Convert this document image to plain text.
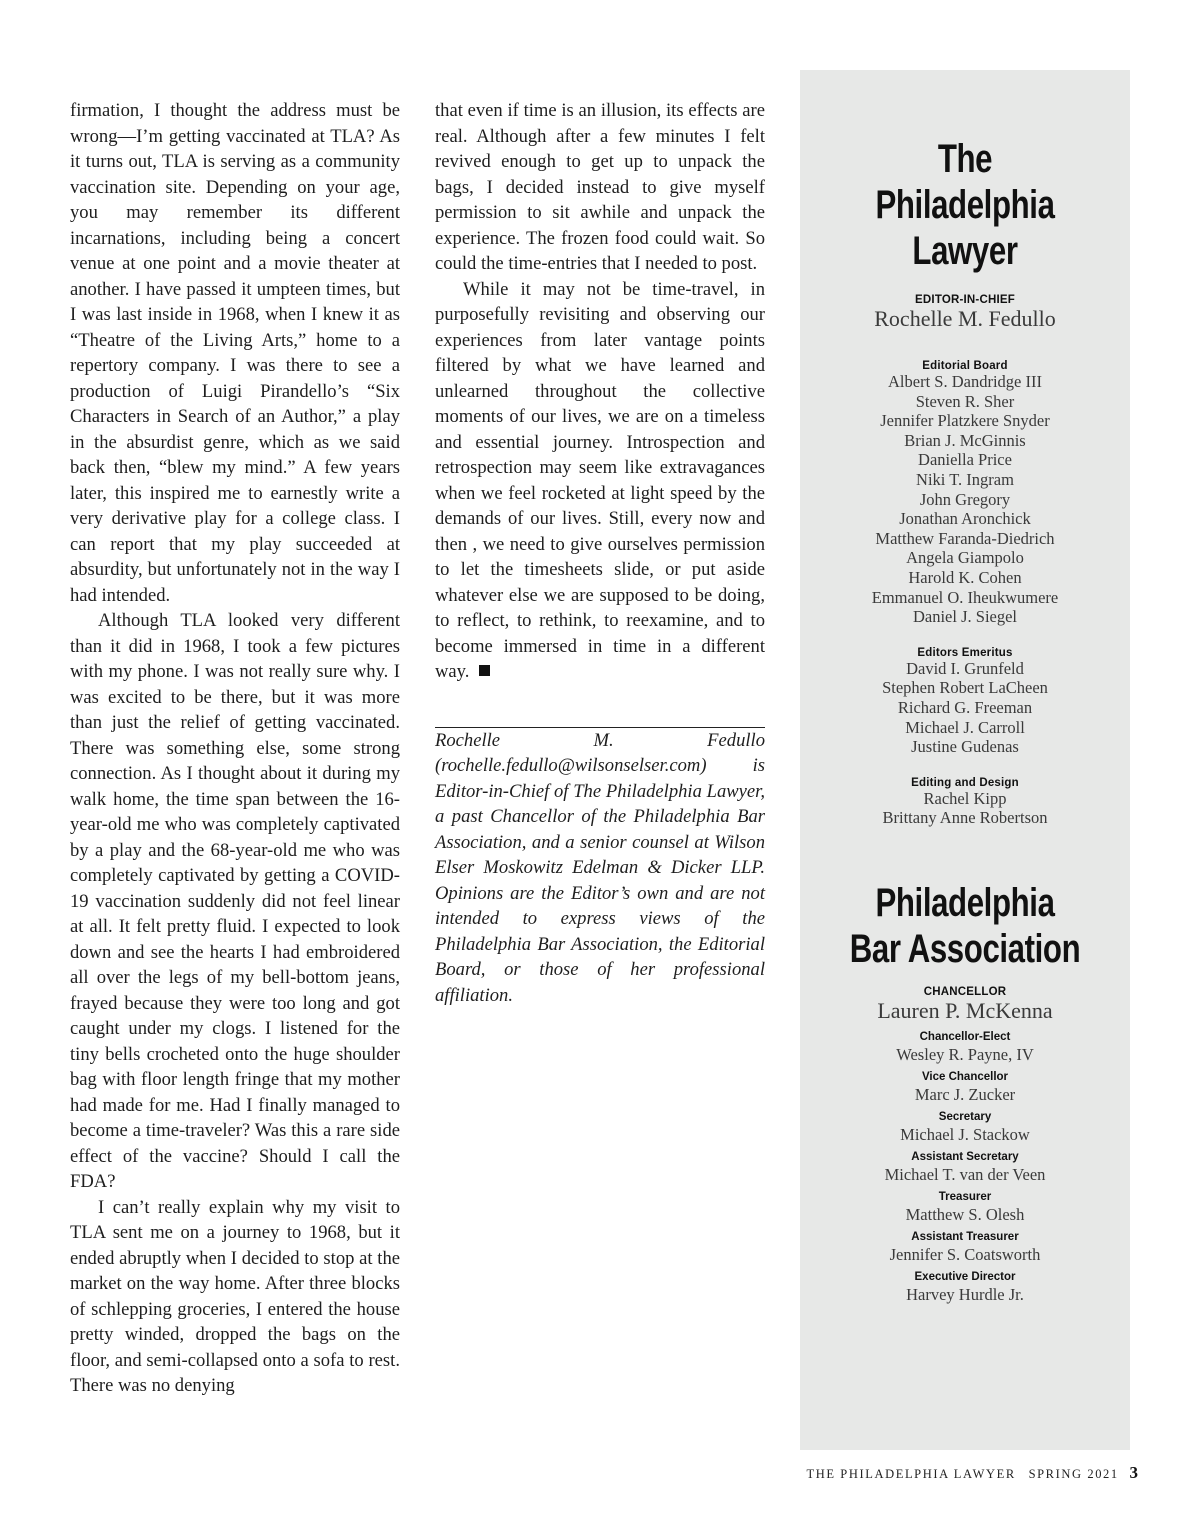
firmation, I thought the address must be wrong—I’m getting vaccinated at TLA? As it turns out, TLA is serving as a community vaccination site. Depending on your age, you may remember its different incarnations, including being a concert venue at one point and a movie theater at another. I have passed it umpteen times, but I was last inside in 1968, when I knew it as “Theatre of the Living Arts,” home to a repertory company. I was there to see a production of Luigi Pirandello’s “Six Characters in Search of an Author,” a play in the absurdist genre, which as we said back then, “blew my mind.” A few years later, this inspired me to earnestly write a very derivative play for a college class. I can report that my play succeeded at absurdity, but unfortunately not in the way I had intended.

Although TLA looked very different than it did in 1968, I took a few pictures with my phone. I was not really sure why. I was excited to be there, but it was more than just the relief of getting vaccinated. There was something else, some strong connection. As I thought about it during my walk home, the time span between the 16-year-old me who was completely captivated by a play and the 68-year-old me who was completely captivated by getting a COVID-19 vaccination suddenly did not feel linear at all. It felt pretty fluid. I expected to look down and see the hearts I had embroidered all over the legs of my bell-bottom jeans, frayed because they were too long and got caught under my clogs. I listened for the tiny bells crocheted onto the huge shoulder bag with floor length fringe that my mother had made for me. Had I finally managed to become a time-traveler? Was this a rare side effect of the vaccine? Should I call the FDA?

I can’t really explain why my visit to TLA sent me on a journey to 1968, but it ended abruptly when I decided to stop at the market on the way home. After three blocks of schlepping groceries, I entered the house pretty winded, dropped the bags on the floor, and semi-collapsed onto a sofa to rest. There was no denying

that even if time is an illusion, its effects are real. Although after a few minutes I felt revived enough to get up to unpack the bags, I decided instead to give myself permission to sit awhile and unpack the experience. The frozen food could wait. So could the time-entries that I needed to post.

While it may not be time-travel, in purposefully revisiting and observing our experiences from later vantage points filtered by what we have learned and unlearned throughout the collective moments of our lives, we are on a timeless and essential journey. Introspection and retrospection may seem like extravagances when we feel rocketed at light speed by the demands of our lives. Still, every now and then , we need to give ourselves permission to let the timesheets slide, or put aside whatever else we are supposed to be doing, to reflect, to rethink, to reexamine, and to become immersed in time in a different way.

Rochelle M. Fedullo (rochelle.fedullo@wilsonselser.com) is Editor-in-Chief of The Philadelphia Lawyer, a past Chancellor of the Philadelphia Bar Association, and a senior counsel at Wilson Elser Moskowitz Edelman & Dicker LLP. Opinions are the Editor’s own and are not intended to express views of the Philadelphia Bar Association, the Editorial Board, or those of her professional affiliation.

The
Philadelphia
Lawyer
EDITOR-IN-CHIEF
Rochelle M. Fedullo
Editorial Board
Albert S. Dandridge III
Steven R. Sher
Jennifer Platzkere Snyder
Brian J. McGinnis
Daniella Price
Niki T. Ingram
John Gregory
Jonathan Aronchick
Matthew Faranda-Diedrich
Angela Giampolo
Harold K. Cohen
Emmanuel O. Iheukwumere
Daniel J. Siegel
Editors Emeritus
David I. Grunfeld
Stephen Robert LaCheen
Richard G. Freeman
Michael J. Carroll
Justine Gudenas
Editing and Design
Rachel Kipp
Brittany Anne Robertson
Philadelphia
Bar Association
CHANCELLOR
Lauren P. McKenna
Chancellor-Elect
Wesley R. Payne, IV
Vice Chancellor
Marc J. Zucker
Secretary
Michael J. Stackow
Assistant Secretary
Michael T. van der Veen
Treasurer
Matthew S. Olesh
Assistant Treasurer
Jennifer S. Coatsworth
Executive Director
Harvey Hurdle Jr.
THE PHILADELPHIA LAWYER SPRING 2021 3
